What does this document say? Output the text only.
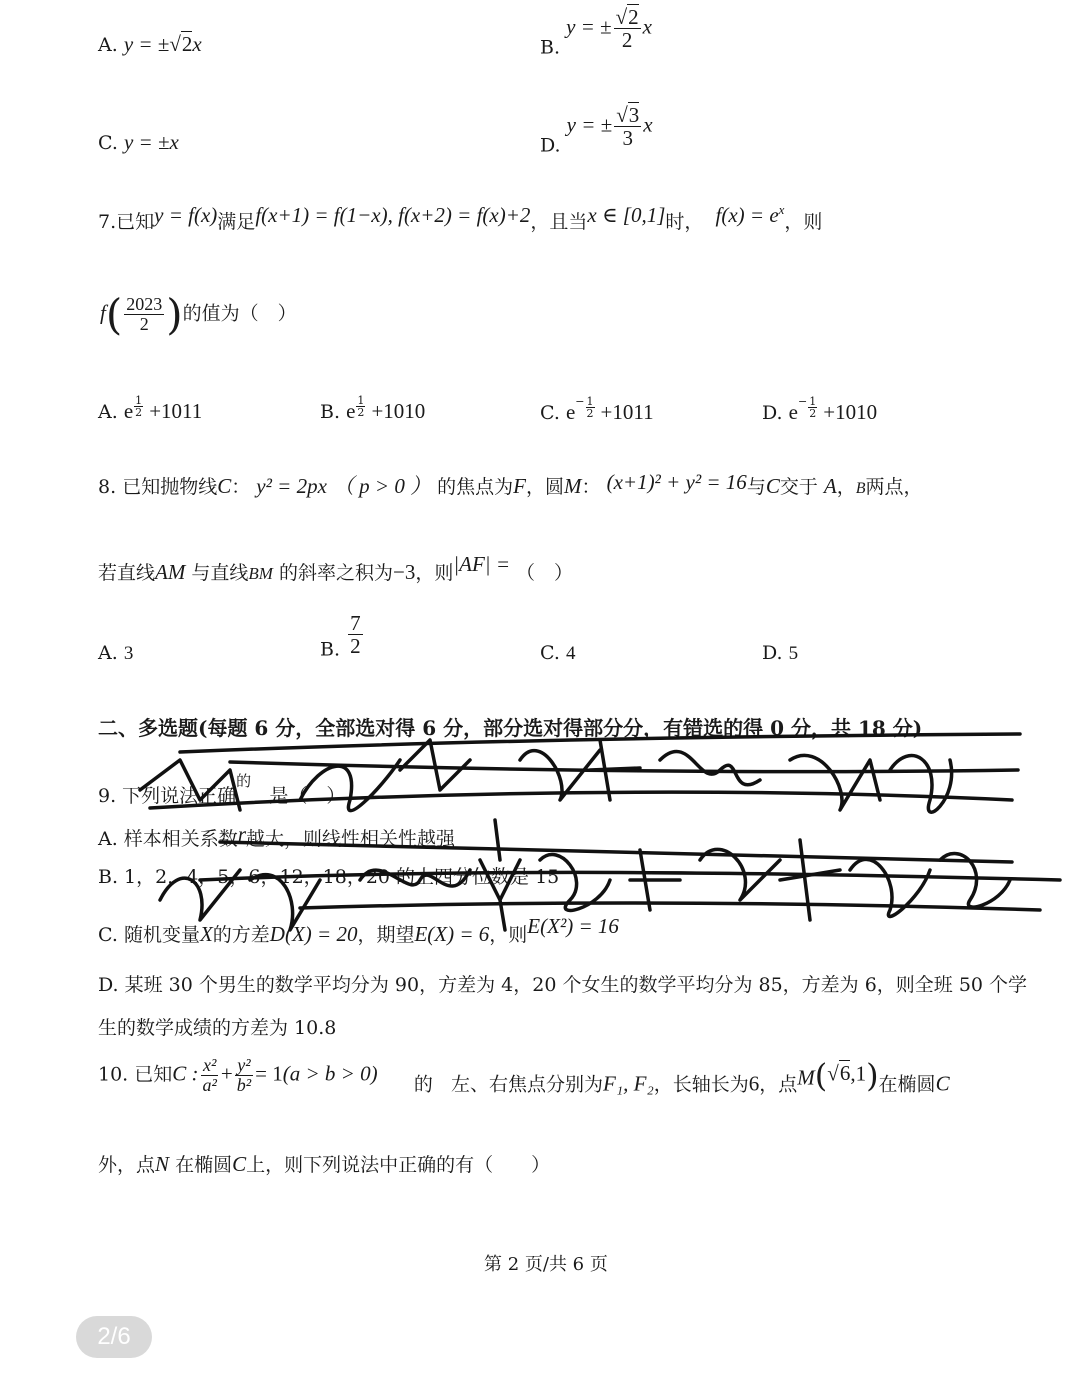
A. y = ±√2x	B. y = ± $\frac{√2}{2}$ x
C. y = ±x	D. y = ± $\frac{√3}{3}$ x
7.已知y = f(x)满足f(x+1) = f(1−x), f(x+2) = f(x)+2，且当x ∈ [0,1]时， $f(x) = e^x$，则
$f( \frac{2023}{2}$ )的值为（　）
A. e $\frac{1}{2} +1011$	B. e $\frac{1}{2} +1010$	C. $e^- \frac{1}{2} +1011$	D. $e^- \frac{1}{2} +1010$
8. 已知抛物线C： y² = 2px （ p > 0 ） 的焦点为F，圆M： (x+1)² + y² = 16与C交于 A，B两点，
若直线AM 与直线BM 的斜率之积为−3，则|AF| = （　）
A. 3	B. $\frac{7}{2}$	C. 4	D. 5
二、多选题(每题 6 分，全部选对得 6 分，部分选对得部分分，有错选的得 0 分，共 18 分)
9. 下列说法正确$^的$   是（　）
A. 样本相关系数r越大，则线性相关性越强
B. 1，2，4，5，6，12，18，20 的上四分位数是 15
C. 随机变量X的方差D(X) = 20，期望E(X) = 6，则E(X²) = 16
D. 某班 30 个男生的数学平均分为 90，方差为 4，20 个女生的数学平均分为 85，方差为 6，则全班 50 个学
生的数学成绩的方差为 10.8
10. 已知C : $\frac{\text{x²}}{\text{a²}} + \frac{\text{y²}}{\text{b²}} = 1(a > b > 0)$ 的 左、右焦点分别为F₁, F₂，长轴长为6，点M(√6,1)在椭圆C
外，点N 在椭圆C上，则下列说法中正确的有（　　）
第 2 页/共 6 页
2/6
